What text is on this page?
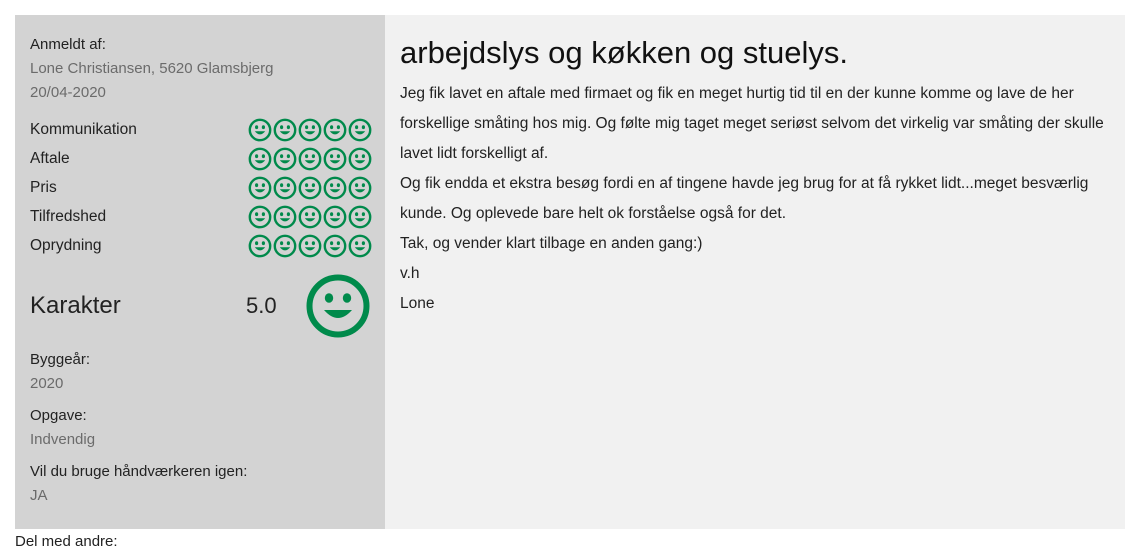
Anmeldt af:
Lone Christiansen, 5620 Glamsbjerg
20/04-2020
Kommunikation
Aftale
Pris
Tilfredshed
Oprydning
Karakter	5.0
Byggeår:
2020
Opgave:
Indvendig
Vil du bruge håndværkeren igen:
JA
arbejdslys og køkken og stuelys.

Jeg fik lavet en aftale med firmaet og fik en meget hurtig tid til en der kunne komme og lave de her forskellige småting hos mig. Og følte mig taget meget seriøst selvom det virkelig var småting der skulle lavet lidt forskelligt af.

Og fik endda et ekstra besøg fordi en af tingene havde jeg brug for at få rykket lidt...meget besværlig kunde. Og oplevede bare helt ok forståelse også for det.

Tak, og vender klart tilbage en anden gang:)

v.h

Lone

Del med andre:
